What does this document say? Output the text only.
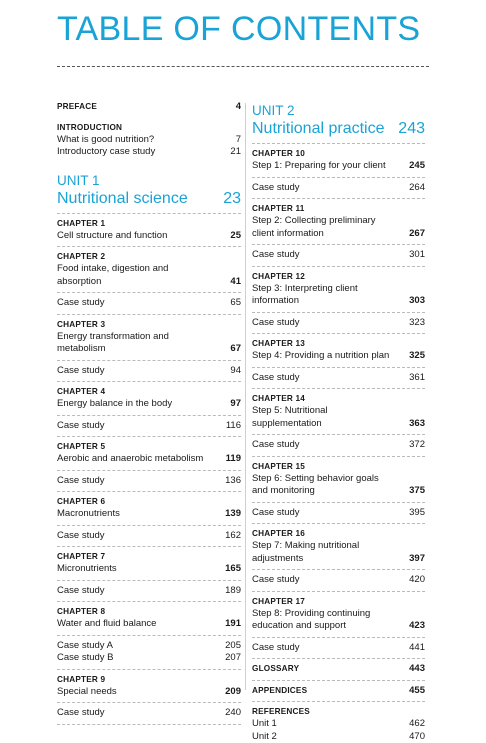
TABLE OF CONTENTS
PREFACE	4
INTRODUCTION
What is good nutrition?	7
Introductory case study	21
UNIT 1
Nutritional science 23
CHAPTER 1
Cell structure and function	25
CHAPTER 2
Food intake, digestion and absorption	41
Case study	65
CHAPTER 3
Energy transformation and metabolism	67
Case study	94
CHAPTER 4
Energy balance in the body	97
Case study	116
CHAPTER 5
Aerobic and anaerobic metabolism	119
Case study	136
CHAPTER 6
Macronutrients	139
Case study	162
CHAPTER 7
Micronutrients	165
Case study	189
CHAPTER 8
Water and fluid balance	191
Case study A	205
Case study B	207
CHAPTER 9
Special needs	209
Case study	240
UNIT 2
Nutritional practice 243
CHAPTER 10
Step 1: Preparing for your client	245
Case study	264
CHAPTER 11
Step 2: Collecting preliminary client information	267
Case study	301
CHAPTER 12
Step 3: Interpreting client information	303
Case study	323
CHAPTER 13
Step 4: Providing a nutrition plan	325
Case study	361
CHAPTER 14
Step 5: Nutritional supplementation	363
Case study	372
CHAPTER 15
Step 6: Setting behavior goals and monitoring	375
Case study	395
CHAPTER 16
Step 7: Making nutritional adjustments	397
Case study	420
CHAPTER 17
Step 8: Providing continuing education and support	423
Case study	441
GLOSSARY	443
APPENDICES	455
REFERENCES
Unit 1	462
Unit 2	470
